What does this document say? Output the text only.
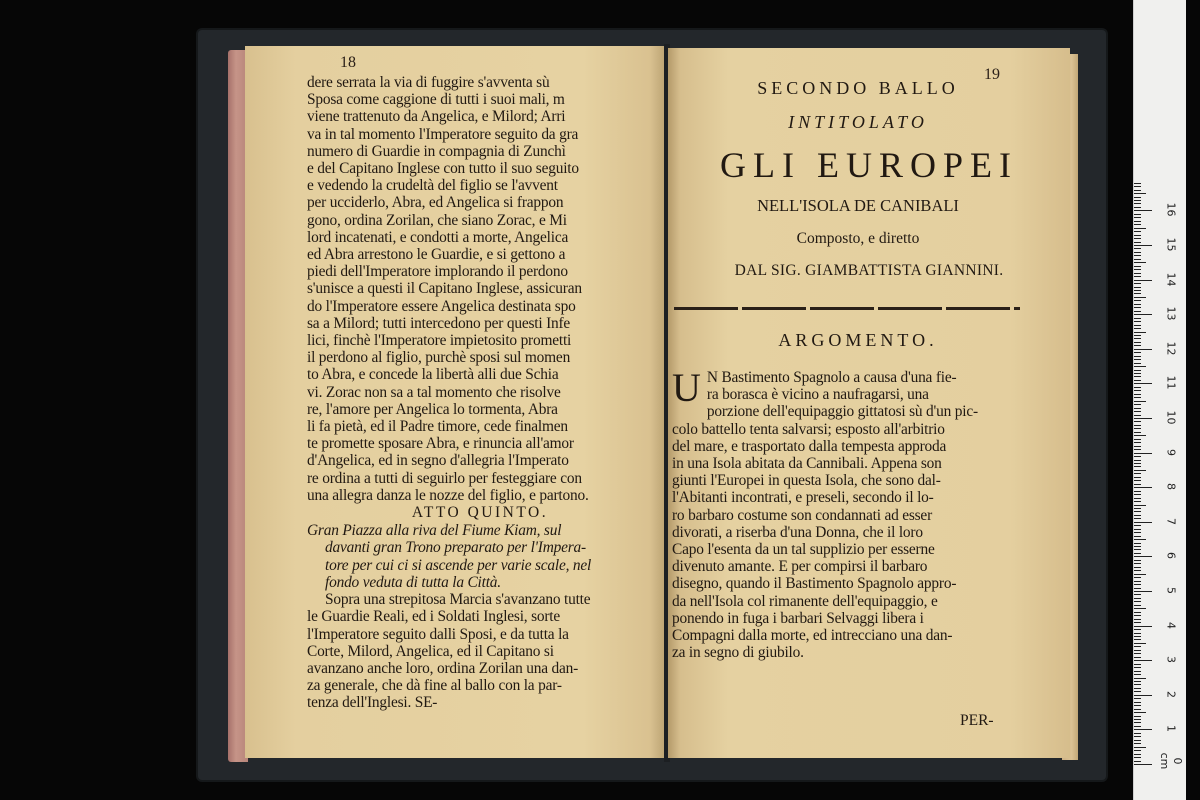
18
dere serrata la via di fuggire s'avventa sù
Sposa come caggione di tutti i suoi mali, m
viene trattenuto da Angelica, e Milord; Arri
va in tal momento l'Imperatore seguito da gra
numero di Guardie in compagnia di Zunchì
e del Capitano Inglese con tutto il suo seguito
e vedendo la crudeltà del figlio se l'avvent
per ucciderlo, Abra, ed Angelica si frappon
gono, ordina Zorilan, che siano Zorac, e Mi
lord incatenati, e condotti a morte, Angelica
ed Abra arrestono le Guardie, e si gettono a
piedi dell'Imperatore implorando il perdono
s'unisce a questi il Capitano Inglese, assicuran
do l'Imperatore essere Angelica destinata spo
sa a Milord; tutti intercedono per questi Infe
lici, finchè l'Imperatore impietosito prometti
il perdono al figlio, purchè sposi sul momen
to Abra, e concede la libertà alli due Schia
vi. Zorac non sa a tal momento che risolve
re, l'amore per Angelica lo tormenta, Abra
li fa pietà, ed il Padre timore, cede finalmen
te promette sposare Abra, e rinuncia all'amor
d'Angelica, ed in segno d'allegria l'Imperato
re ordina a tutti di seguirlo per festeggiare con
una allegra danza le nozze del figlio, e partono.
ATTO QUINTO.
Gran Piazza alla riva del Fiume Kiam, sul
davanti gran Trono preparato per l'Impera-
tore per cui ci si ascende per varie scale, nel
fondo veduta di tutta la Città.
Sopra una strepitosa Marcia s'avanzano tutte
le Guardie Reali, ed i Soldati Inglesi, sorte
l'Imperatore seguito dalli Sposi, e da tutta la
Corte, Milord, Angelica, ed il Capitano si
avanzano anche loro, ordina Zorilan una dan-
za generale, che dà fine al ballo con la par-
tenza dell'Inglesi. SE-
19
SECONDO BALLO
INTITOLATO
GLI EUROPEI
NELL'ISOLA DE CANIBALI
Composto, e diretto
DAL SIG. GIAMBATTISTA GIANNINI.
ARGOMENTO.
U N Bastimento Spagnolo a causa d'una fie-
ra borasca è vicino a naufragarsi, una
porzione dell'equipaggio gittatosi sù d'un pic-
colo battello tenta salvarsi; esposto all'arbitrio
del mare, e trasportato dalla tempesta approda
in una Isola abitata da Cannibali. Appena son
giunti l'Europei in questa Isola, che sono dal-
l'Abitanti incontrati, e preseli, secondo il lo-
ro barbaro costume son condannati ad esser
divorati, a riserba d'una Donna, che il loro
Capo l'esenta da un tal supplizio per esserne
divenuto amante. E per compirsi il barbaro
disegno, quando il Bastimento Spagnolo appro-
da nell'Isola col rimanente dell'equipaggio, e
ponendo in fuga i barbari Selvaggi libera i
Compagni dalla morte, ed intrecciano una dan-
za in segno di giubilo.
PER-
0 cm
1
2
3
4
5
6
7
8
9
10
11
12
13
14
15
16
